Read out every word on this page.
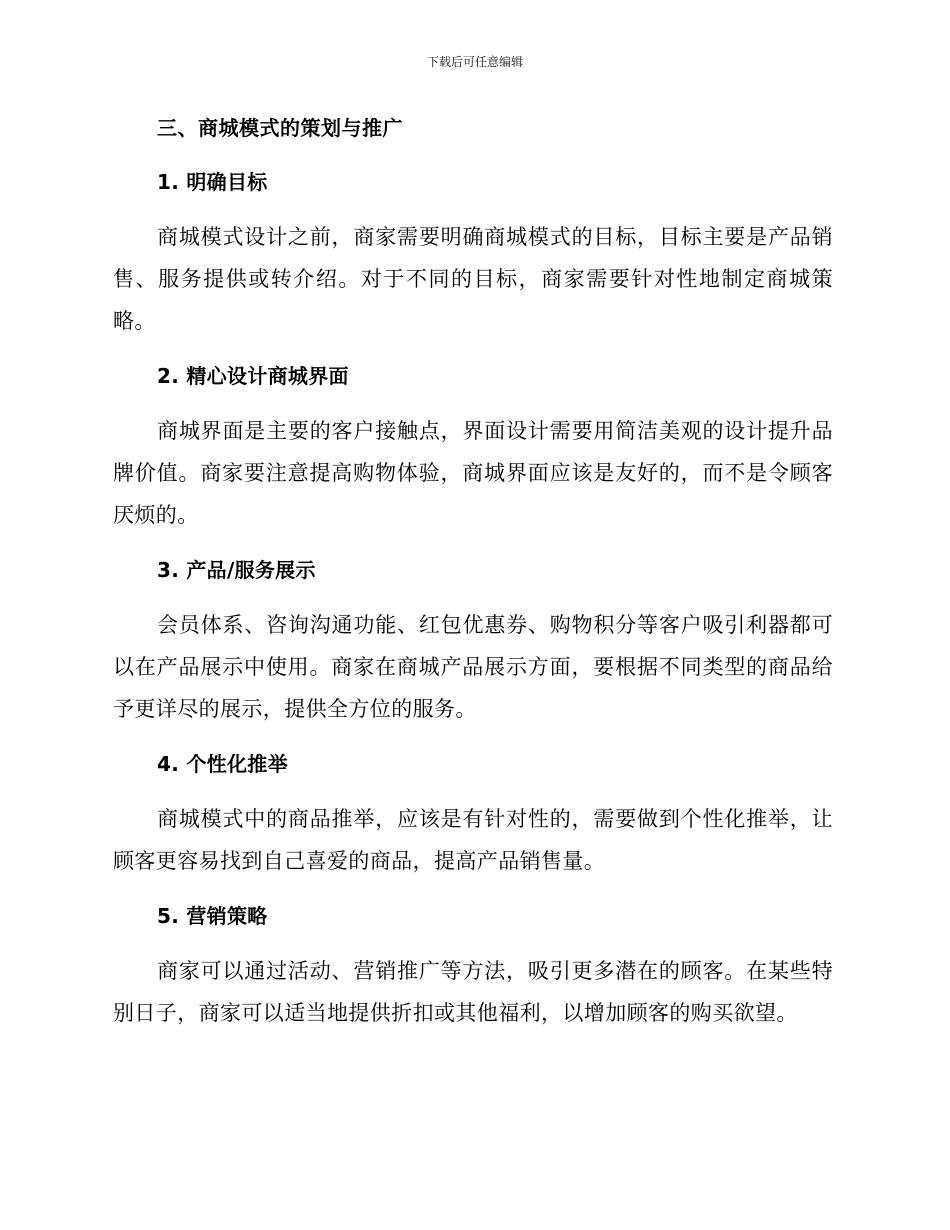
下载后可任意编辑
三、商城模式的策划与推广
1. 明确目标

商城模式设计之前，商家需要明确商城模式的目标，目标主要是产品销售、服务提供或转介绍。对于不同的目标，商家需要针对性地制定商城策略。

2. 精心设计商城界面

商城界面是主要的客户接触点，界面设计需要用简洁美观的设计提升品牌价值。商家要注意提高购物体验，商城界面应该是友好的，而不是令顾客厌烦的。

3. 产品/服务展示

会员体系、咨询沟通功能、红包优惠券、购物积分等客户吸引利器都可以在产品展示中使用。商家在商城产品展示方面，要根据不同类型的商品给予更详尽的展示，提供全方位的服务。

4. 个性化推举

商城模式中的商品推举，应该是有针对性的，需要做到个性化推举，让顾客更容易找到自己喜爱的商品，提高产品销售量。

5. 营销策略

商家可以通过活动、营销推广等方法，吸引更多潜在的顾客。在某些特别日子，商家可以适当地提供折扣或其他福利，以增加顾客的购买欲望。
